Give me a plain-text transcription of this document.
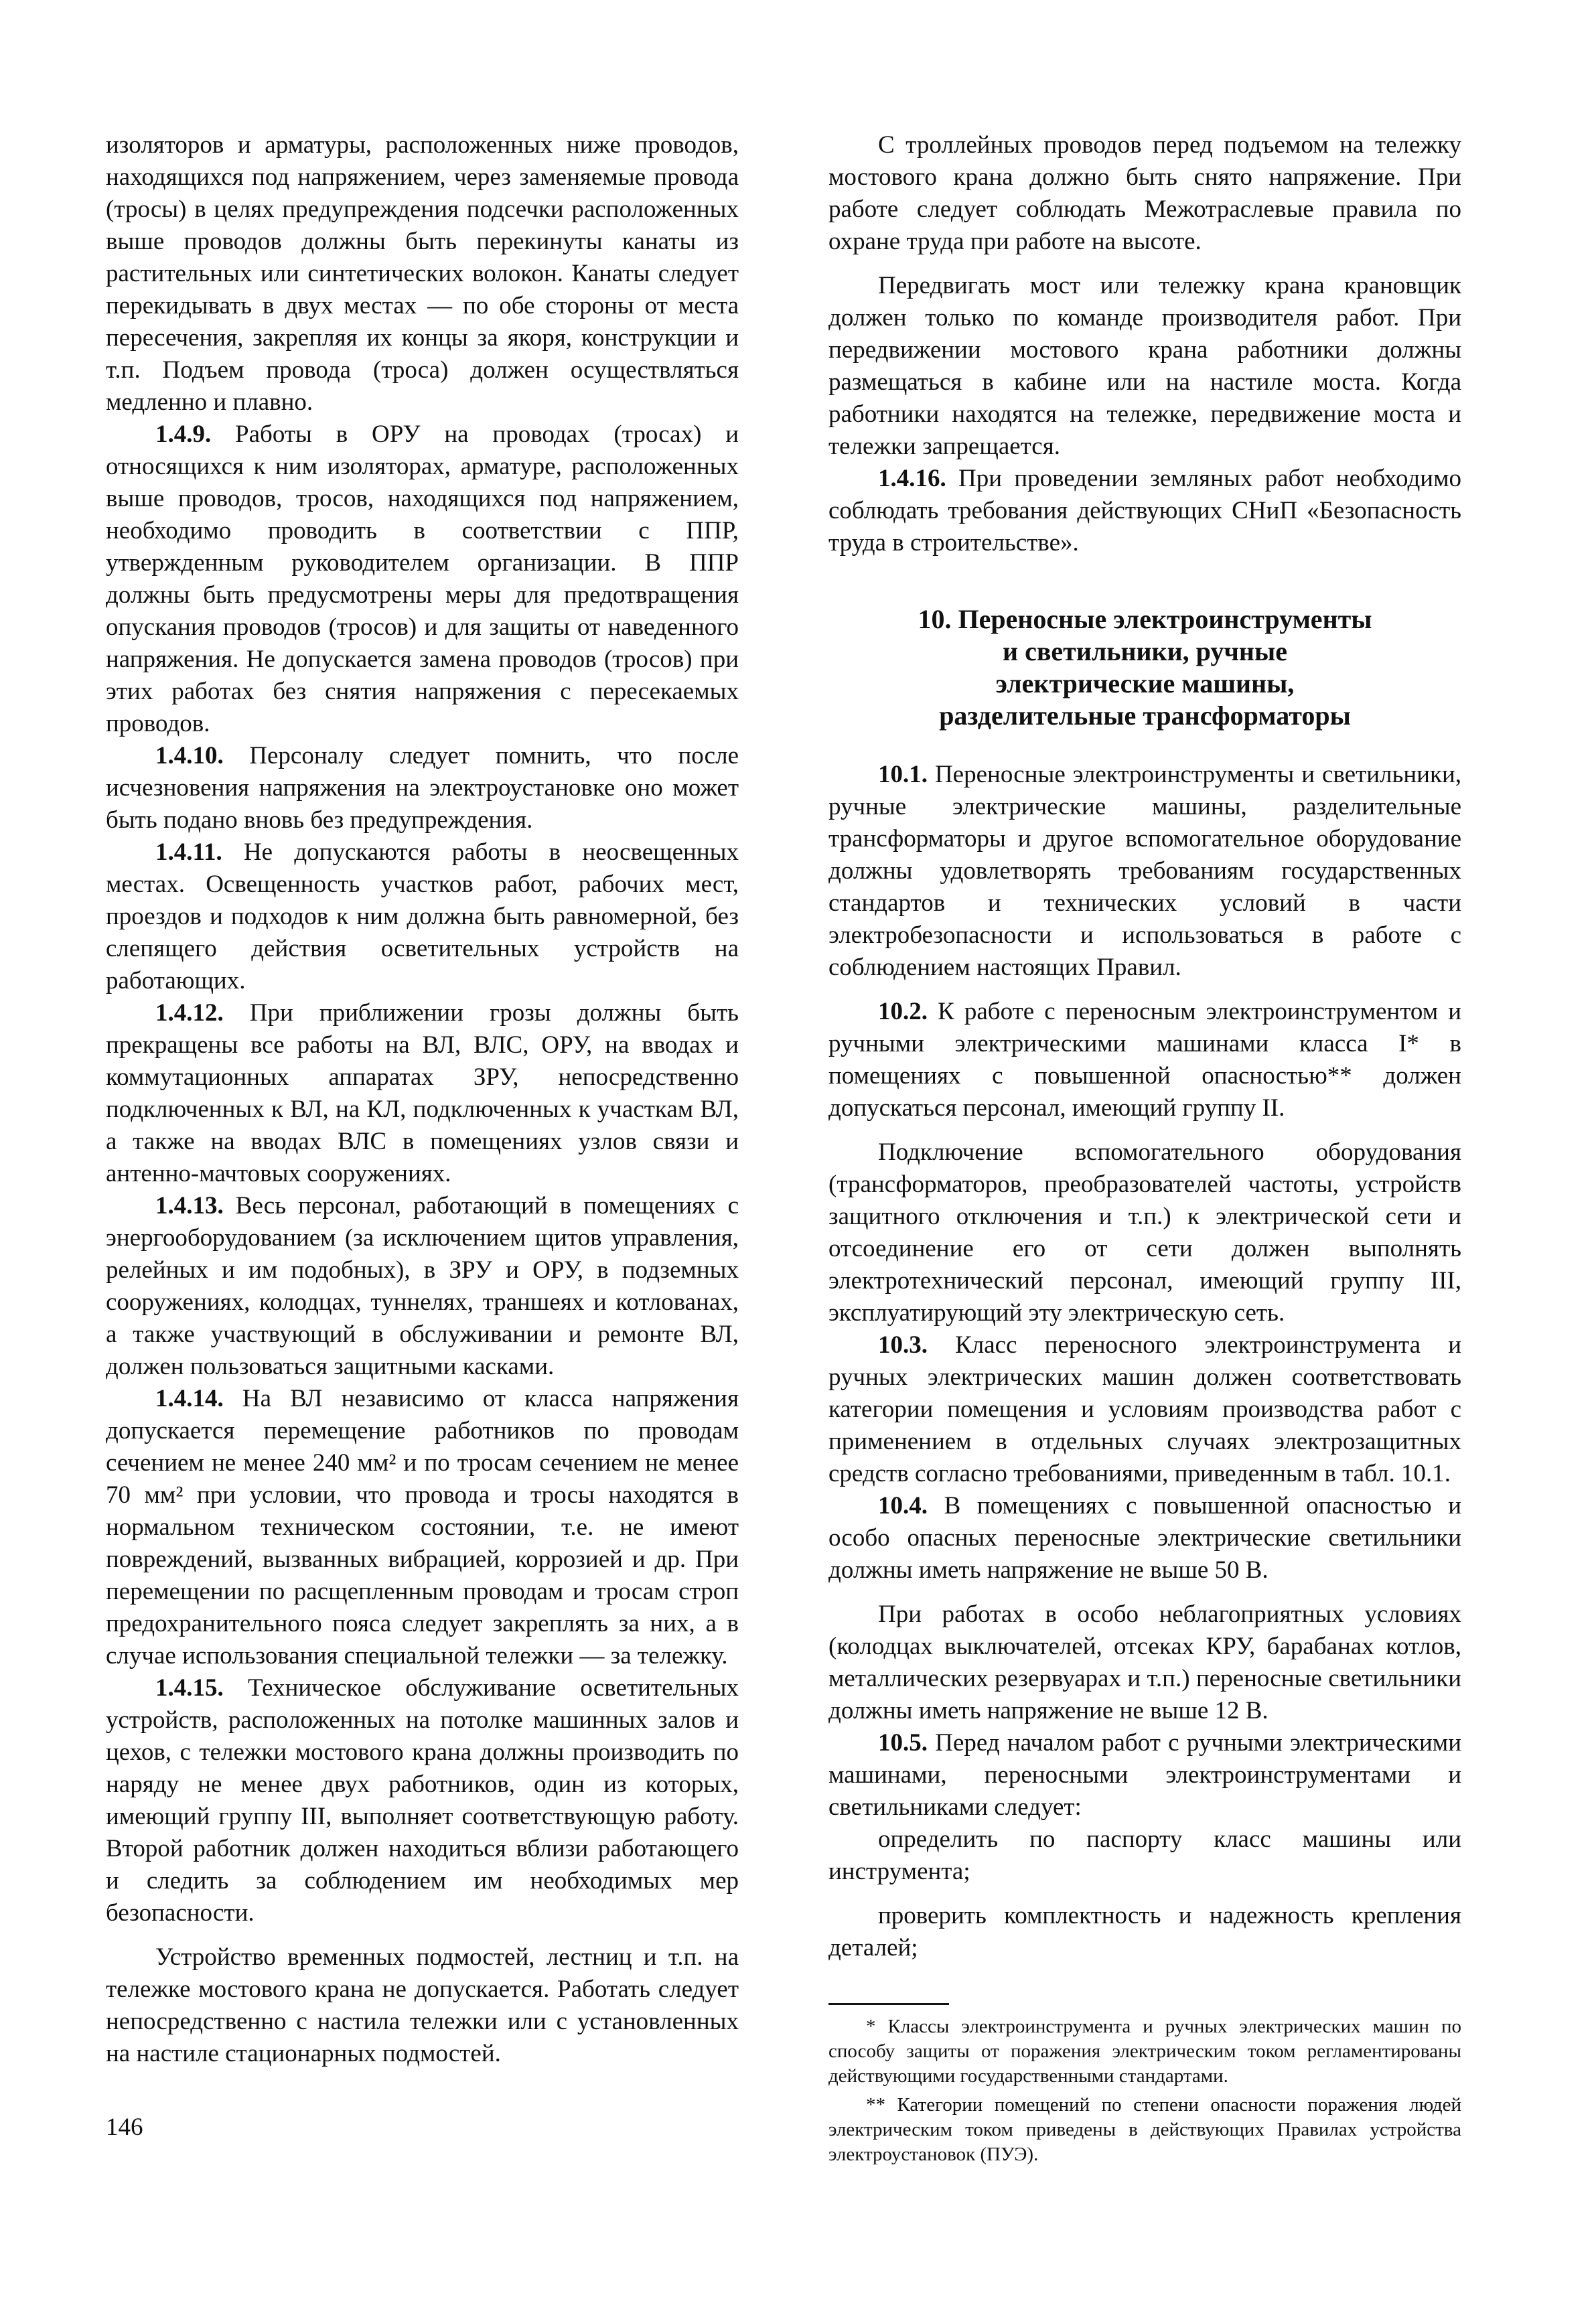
изоляторов и арматуры, расположенных ниже проводов, находящихся под напряжением, через заменяемые провода (тросы) в целях предупреждения подсечки расположенных выше проводов должны быть перекинуты канаты из растительных или синтетических волокон. Канаты следует перекидывать в двух местах — по обе стороны от места пересечения, закрепляя их концы за якоря, конструкции и т.п. Подъем провода (троса) должен осуществляться медленно и плавно.

1.4.9. Работы в ОРУ на проводах (тросах) и относящихся к ним изоляторах, арматуре, расположенных выше проводов, тросов, находящихся под напряжением, необходимо проводить в соответствии с ППР, утвержденным руководителем организации. В ППР должны быть предусмотрены меры для предотвращения опускания проводов (тросов) и для защиты от наведенного напряжения. Не допускается замена проводов (тросов) при этих работах без снятия напряжения с пересекаемых проводов.

1.4.10. Персоналу следует помнить, что после исчезновения напряжения на электроустановке оно может быть подано вновь без предупреждения.

1.4.11. Не допускаются работы в неосвещенных местах. Освещенность участков работ, рабочих мест, проездов и подходов к ним должна быть равномерной, без слепящего действия осветительных устройств на работающих.

1.4.12. При приближении грозы должны быть прекращены все работы на ВЛ, ВЛС, ОРУ, на вводах и коммутационных аппаратах ЗРУ, непосредственно подключенных к ВЛ, на КЛ, подключенных к участкам ВЛ, а также на вводах ВЛС в помещениях узлов связи и антенно-мачтовых сооружениях.

1.4.13. Весь персонал, работающий в помещениях с энергооборудованием (за исключением щитов управления, релейных и им подобных), в ЗРУ и ОРУ, в подземных сооружениях, колодцах, туннелях, траншеях и котлованах, а также участвующий в обслуживании и ремонте ВЛ, должен пользоваться защитными касками.

1.4.14. На ВЛ независимо от класса напряжения допускается перемещение работников по проводам сечением не менее 240 мм² и по тросам сечением не менее 70 мм² при условии, что провода и тросы находятся в нормальном техническом состоянии, т.е. не имеют повреждений, вызванных вибрацией, коррозией и др. При перемещении по расщепленным проводам и тросам строп предохранительного пояса следует закреплять за них, а в случае использования специальной тележки — за тележку.

1.4.15. Техническое обслуживание осветительных устройств, расположенных на потолке машинных залов и цехов, с тележки мостового крана должны производить по наряду не менее двух работников, один из которых, имеющий группу III, выполняет соответствующую работу. Второй работник должен находиться вблизи работающего и следить за соблюдением им необходимых мер безопасности.

Устройство временных подмостей, лестниц и т.п. на тележке мостового крана не допускается. Работать следует непосредственно с настила тележки или с установленных на настиле стационарных подмостей.

С троллейных проводов перед подъемом на тележку мостового крана должно быть снято напряжение. При работе следует соблюдать Межотраслевые правила по охране труда при работе на высоте.

Передвигать мост или тележку крана крановщик должен только по команде производителя работ. При передвижении мостового крана работники должны размещаться в кабине или на настиле моста. Когда работники находятся на тележке, передвижение моста и тележки запрещается.

1.4.16. При проведении земляных работ необходимо соблюдать требования действующих СНиП «Безопасность труда в строительстве».

10. Переносные электроинструменты
и светильники, ручные
электрические машины,
разделительные трансформаторы

10.1. Переносные электроинструменты и светильники, ручные электрические машины, разделительные трансформаторы и другое вспомогательное оборудование должны удовлетворять требованиям государственных стандартов и технических условий в части электробезопасности и использоваться в работе с соблюдением настоящих Правил.

10.2. К работе с переносным электроинструментом и ручными электрическими машинами класса I* в помещениях с повышенной опасностью** должен допускаться персонал, имеющий группу II.

Подключение вспомогательного оборудования (трансформаторов, преобразователей частоты, устройств защитного отключения и т.п.) к электрической сети и отсоединение его от сети должен выполнять электротехнический персонал, имеющий группу III, эксплуатирующий эту электрическую сеть.

10.3. Класс переносного электроинструмента и ручных электрических машин должен соответствовать категории помещения и условиям производства работ с применением в отдельных случаях электрозащитных средств согласно требованиями, приведенным в табл. 10.1.

10.4. В помещениях с повышенной опасностью и особо опасных переносные электрические светильники должны иметь напряжение не выше 50 В.

При работах в особо неблагоприятных условиях (колодцах выключателей, отсеках КРУ, барабанах котлов, металлических резервуарах и т.п.) переносные светильники должны иметь напряжение не выше 12 В.

10.5. Перед началом работ с ручными электрическими машинами, переносными электроинструментами и светильниками следует:

определить по паспорту класс машины или инструмента;

проверить комплектность и надежность крепления деталей;

* Классы электроинструмента и ручных электрических машин по способу защиты от поражения электрическим током регламентированы действующими государственными стандартами.

** Категории помещений по степени опасности поражения людей электрическим током приведены в действующих Правилах устройства электроустановок (ПУЭ).

146
